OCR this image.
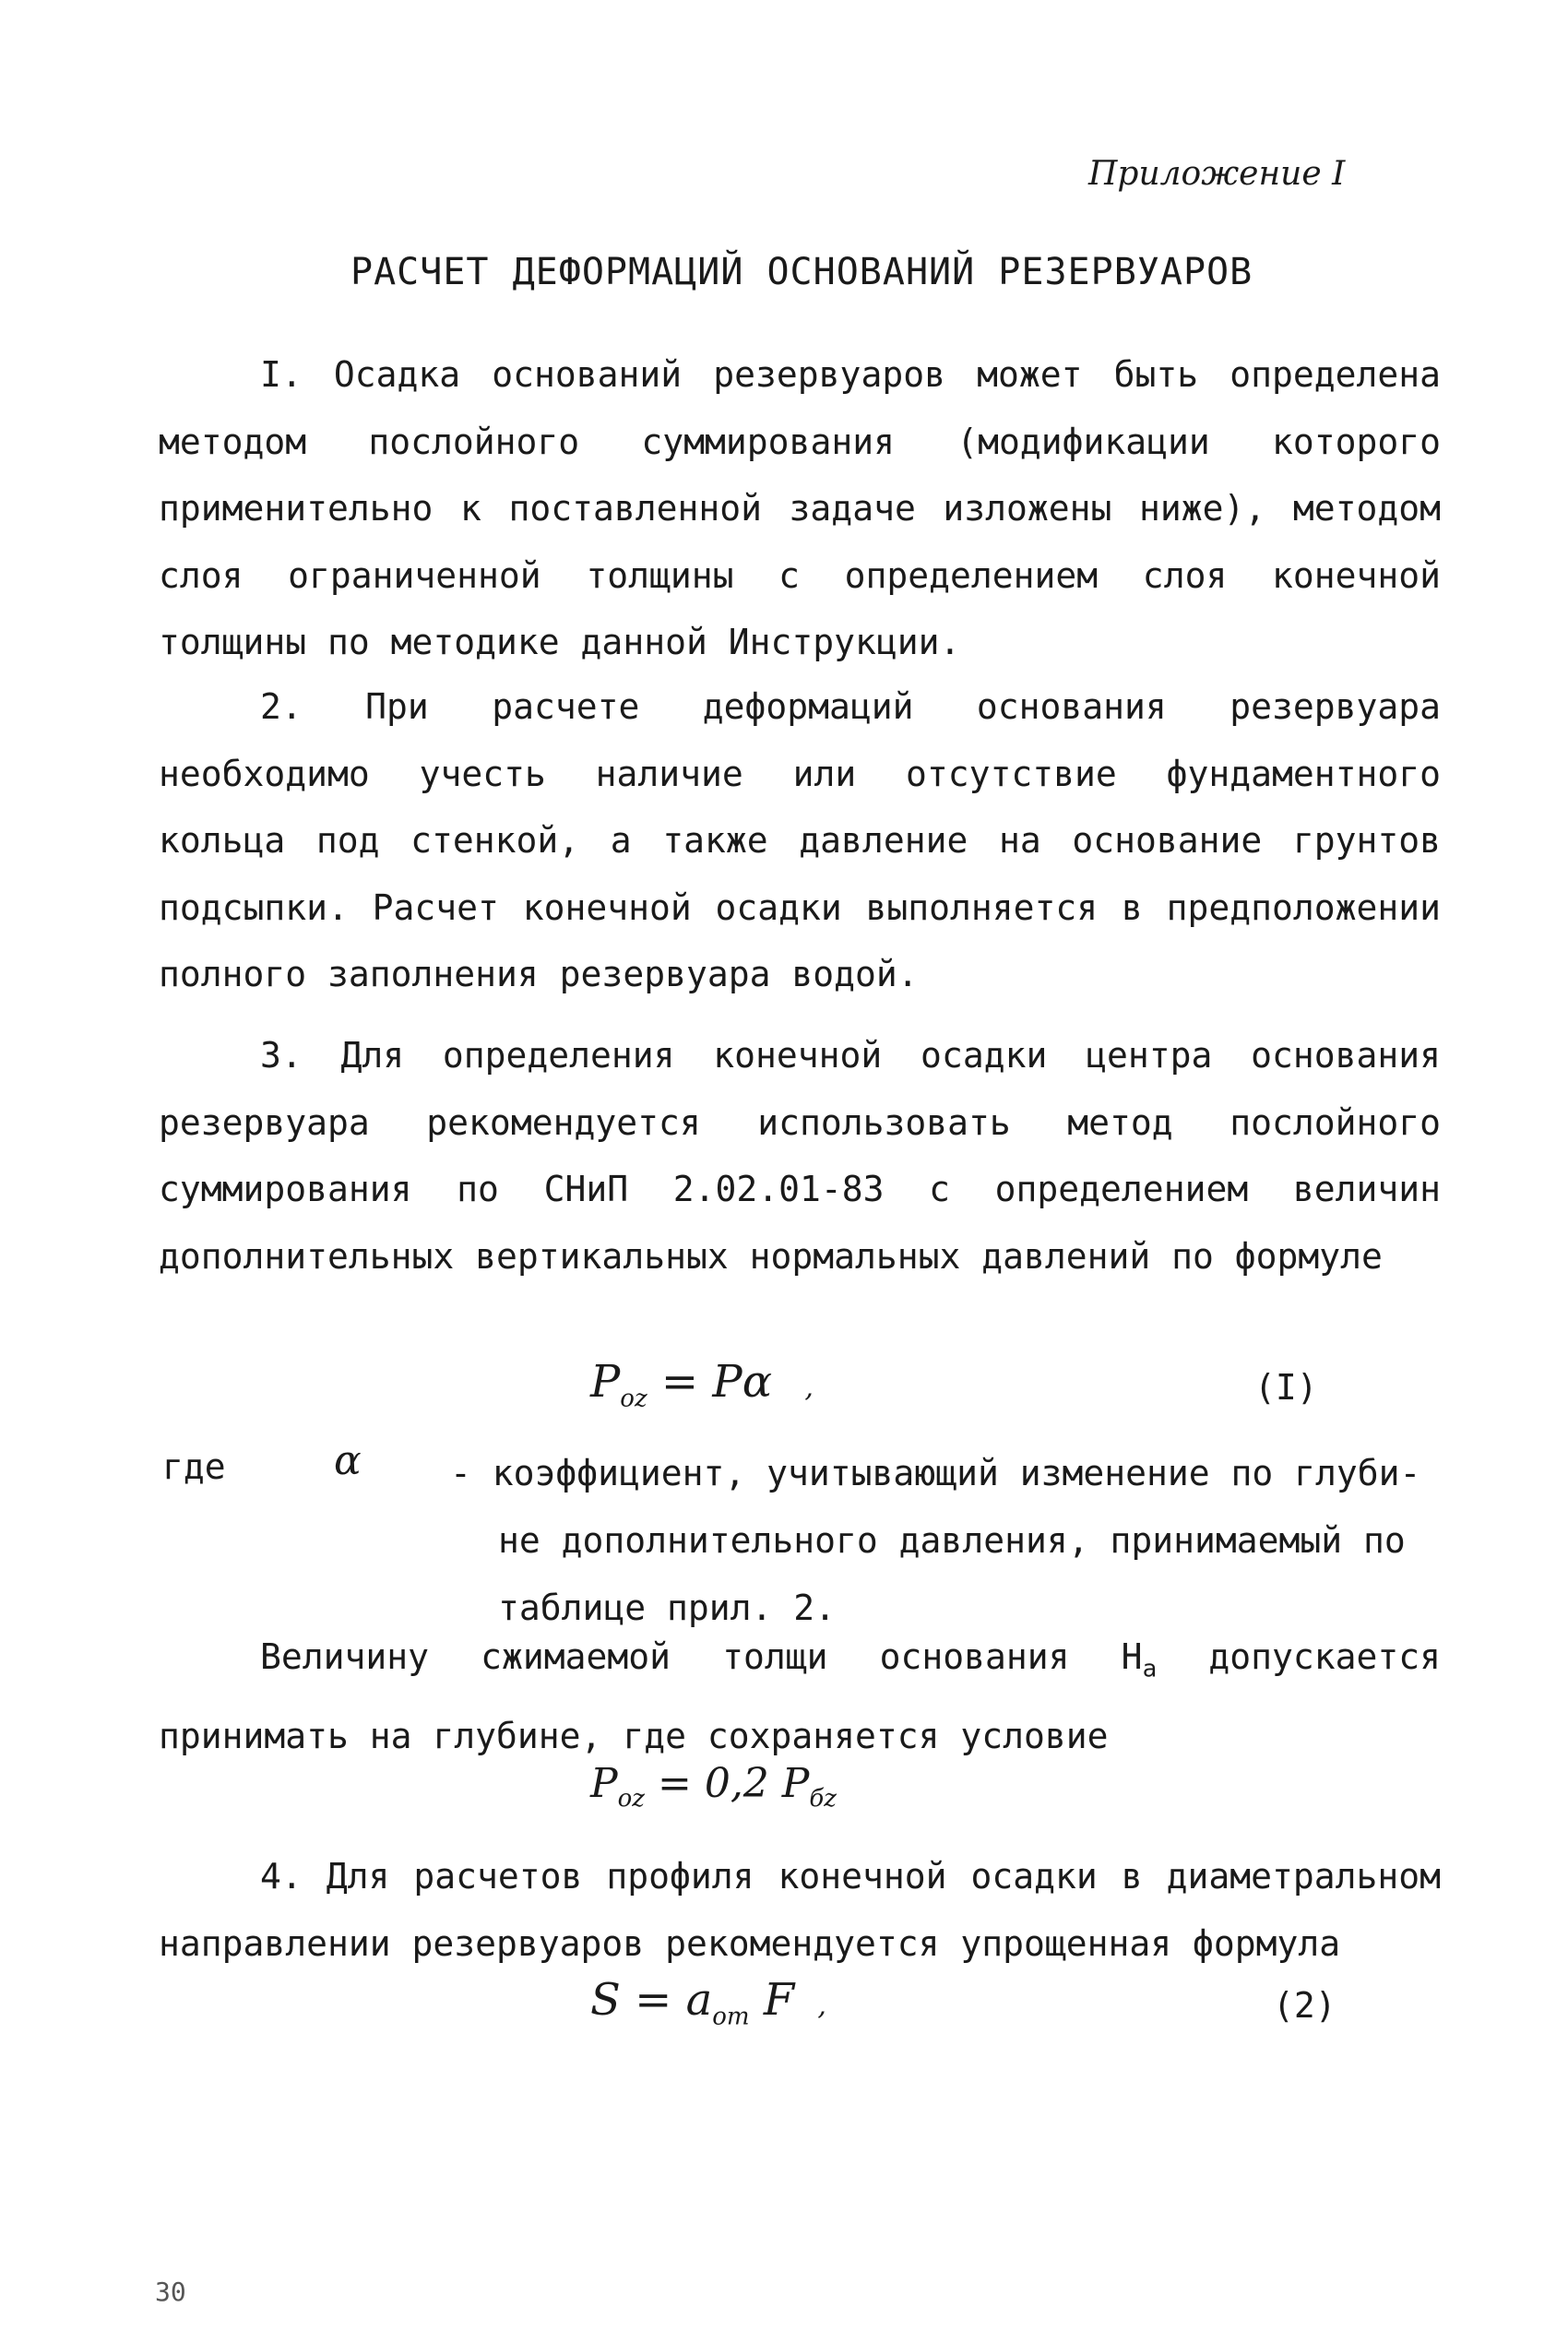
Приложение I
РАСЧЕТ ДЕФОРМАЦИЙ ОСНОВАНИЙ РЕЗЕРВУАРОВ

I. Осадка оснований резервуаров может быть определена методом послойного суммирования (модификации которого применительно к поставленной задаче изложены ниже), методом слоя ограниченной толщины с определением слоя конечной толщины по методике данной Инструкции.

2. При расчете деформаций основания резервуара необходимо учесть наличие или отсутствие фундаментного кольца под стенкой, а также давление на основание грунтов подсыпки. Расчет конечной осадки выполняется в предположении полного заполнения резервуара водой.

3. Для определения конечной осадки центра основания резервуара рекомендуется использовать метод послойного суммирования по СНиП 2.02.01-83 с определением величин дополнительных вертикальных нормальных давлений по формуле

$P_{oz} = P\alpha$ ,	(I)
где	α	- коэффициент, учитывающий изменение по глуби-
не дополнительного давления, принимаемый по
таблице прил. 2.

Величину сжимаемой толщи основания $H_a$ допускается принимать на глубине, где сохраняется условие

$P_{oz} = 0,2$ $P_{бz}$

4. Для расчетов профиля конечной осадки в диаметральном направлении резервуаров рекомендуется упрощенная формула

$S = a_{om}$ F ,	(2)
30
